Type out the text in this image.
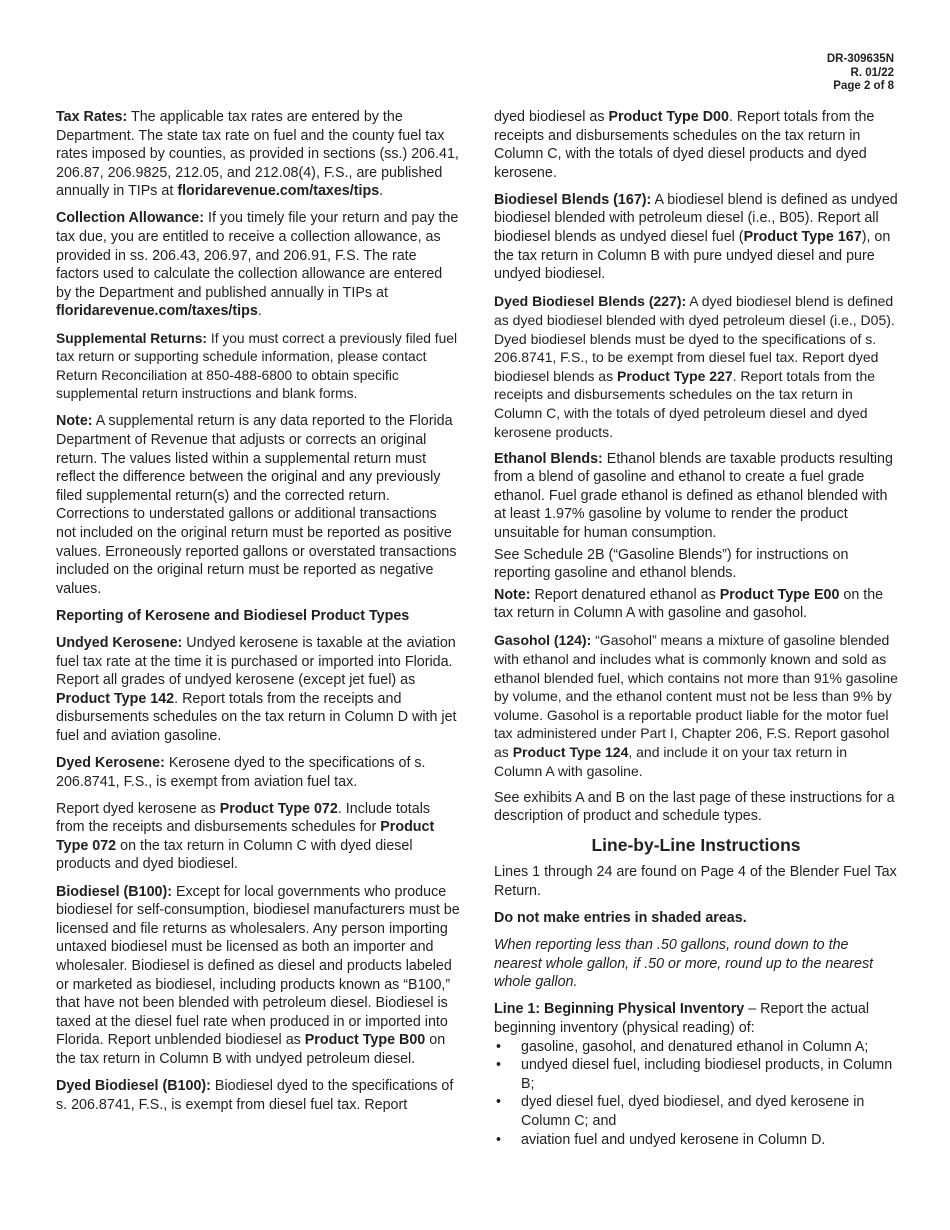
DR-309635N
R. 01/22
Page 2 of 8

Tax Rates: The applicable tax rates are entered by the Department. The state tax rate on fuel and the county fuel tax rates imposed by counties, as provided in sections (ss.) 206.41, 206.87, 206.9825, 212.05, and 212.08(4), F.S., are published annually in TIPs at floridarevenue.com/taxes/tips.

Collection Allowance: If you timely file your return and pay the tax due, you are entitled to receive a collection allowance, as provided in ss. 206.43, 206.97, and 206.91, F.S. The rate factors used to calculate the collection allowance are entered by the Department and published annually in TIPs at floridarevenue.com/taxes/tips.

Supplemental Returns: If you must correct a previously filed fuel tax return or supporting schedule information, please contact Return Reconciliation at 850-488-6800 to obtain specific supplemental return instructions and blank forms.

Note: A supplemental return is any data reported to the Florida Department of Revenue that adjusts or corrects an original return. The values listed within a supplemental return must reflect the difference between the original and any previously filed supplemental return(s) and the corrected return. Corrections to understated gallons or additional transactions not included on the original return must be reported as positive values. Erroneously reported gallons or overstated transactions included on the original return must be reported as negative values.

Reporting of Kerosene and Biodiesel Product Types

Undyed Kerosene: Undyed kerosene is taxable at the aviation fuel tax rate at the time it is purchased or imported into Florida. Report all grades of undyed kerosene (except jet fuel) as Product Type 142. Report totals from the receipts and disbursements schedules on the tax return in Column D with jet fuel and aviation gasoline.

Dyed Kerosene: Kerosene dyed to the specifications of s. 206.8741, F.S., is exempt from aviation fuel tax.

Report dyed kerosene as Product Type 072. Include totals from the receipts and disbursements schedules for Product Type 072 on the tax return in Column C with dyed diesel products and dyed biodiesel.

Biodiesel (B100): Except for local governments who produce biodiesel for self-consumption, biodiesel manufacturers must be licensed and file returns as wholesalers. Any person importing untaxed biodiesel must be licensed as both an importer and wholesaler. Biodiesel is defined as diesel and products labeled or marketed as biodiesel, including products known as “B100,” that have not been blended with petroleum diesel. Biodiesel is taxed at the diesel fuel rate when produced in or imported into Florida. Report unblended biodiesel as Product Type B00 on the tax return in Column B with undyed petroleum diesel.

Dyed Biodiesel (B100): Biodiesel dyed to the specifications of s. 206.8741, F.S., is exempt from diesel fuel tax. Report

dyed biodiesel as Product Type D00. Report totals from the receipts and disbursements schedules on the tax return in Column C, with the totals of dyed diesel products and dyed kerosene.

Biodiesel Blends (167): A biodiesel blend is defined as undyed biodiesel blended with petroleum diesel (i.e., B05). Report all biodiesel blends as undyed diesel fuel (Product Type 167), on the tax return in Column B with pure undyed diesel and pure undyed biodiesel.

Dyed Biodiesel Blends (227): A dyed biodiesel blend is defined as dyed biodiesel blended with dyed petroleum diesel (i.e., D05). Dyed biodiesel blends must be dyed to the specifications of s. 206.8741, F.S., to be exempt from diesel fuel tax. Report dyed biodiesel blends as Product Type 227. Report totals from the receipts and disbursements schedules on the tax return in Column C, with the totals of dyed petroleum diesel and dyed kerosene products.

Ethanol Blends: Ethanol blends are taxable products resulting from a blend of gasoline and ethanol to create a fuel grade ethanol. Fuel grade ethanol is defined as ethanol blended with at least 1.97% gasoline by volume to render the product unsuitable for human consumption.

See Schedule 2B (“Gasoline Blends”) for instructions on reporting gasoline and ethanol blends.

Note: Report denatured ethanol as Product Type E00 on the tax return in Column A with gasoline and gasohol.

Gasohol (124): “Gasohol” means a mixture of gasoline blended with ethanol and includes what is commonly known and sold as ethanol blended fuel, which contains not more than 91% gasoline by volume, and the ethanol content must not be less than 9% by volume. Gasohol is a reportable product liable for the motor fuel tax administered under Part I, Chapter 206, F.S. Report gasohol as Product Type 124, and include it on your tax return in Column A with gasoline.

See exhibits A and B on the last page of these instructions for a description of product and schedule types.

Line-by-Line Instructions

Lines 1 through 24 are found on Page 4 of the Blender Fuel Tax Return.

Do not make entries in shaded areas.

When reporting less than .50 gallons, round down to the nearest whole gallon, if .50 or more, round up to the nearest whole gallon.

Line 1: Beginning Physical Inventory – Report the actual beginning inventory (physical reading) of:

• gasoline, gasohol, and denatured ethanol in Column A;
• undyed diesel fuel, including biodiesel products, in Column B;
• dyed diesel fuel, dyed biodiesel, and dyed kerosene in Column C; and
• aviation fuel and undyed kerosene in Column D.
